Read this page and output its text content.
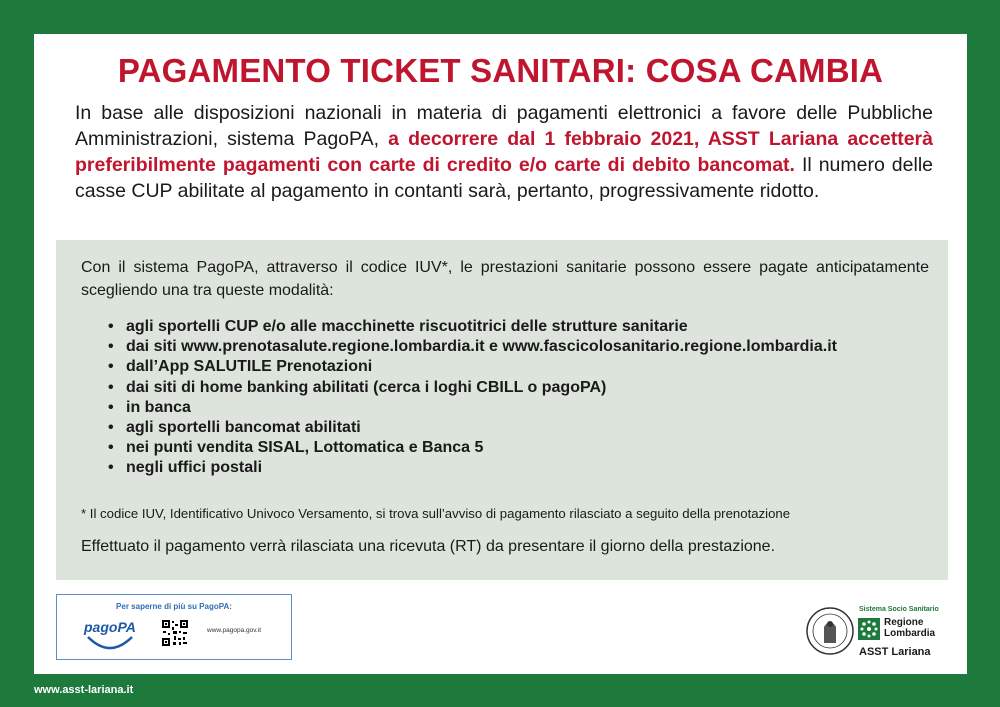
PAGAMENTO TICKET SANITARI: COSA CAMBIA

In base alle disposizioni nazionali in materia di pagamenti elettronici a favore delle Pubbliche Amministrazioni, sistema PagoPA, a decorrere dal 1 febbraio 2021, ASST Lariana accetterà preferibilmente pagamenti con carte di credito e/o carte di debito bancomat. Il numero delle casse CUP abilitate al pagamento in contanti sarà, pertanto, progressivamente ridotto.

Con il sistema PagoPA, attraverso il codice IUV*, le prestazioni sanitarie possono essere pagate anticipatamente scegliendo una tra queste modalità:

• agli sportelli CUP e/o alle macchinette riscuotitrici delle strutture sanitarie
• dai siti www.prenotasalute.regione.lombardia.it e www.fascicolosanitario.regione.lombardia.it
• dall’App SALUTILE Prenotazioni
• dai siti di home banking abilitati (cerca i loghi CBILL o pagoPA)
• in banca
• agli sportelli bancomat abilitati
• nei punti vendita SISAL, Lottomatica e Banca 5
• negli uffici postali

* Il codice IUV, Identificativo Univoco Versamento, si trova sull’avviso di pagamento rilasciato a seguito della prenotazione

Effettuato il pagamento verrà rilasciata una ricevuta (RT) da presentare il giorno della prestazione.

Per saperne di più su PagoPA:
pagoPA	www.pagopa.gov.it
Sistema Socio Sanitario
Regione
Lombardia
ASST Lariana
www.asst-lariana.it
